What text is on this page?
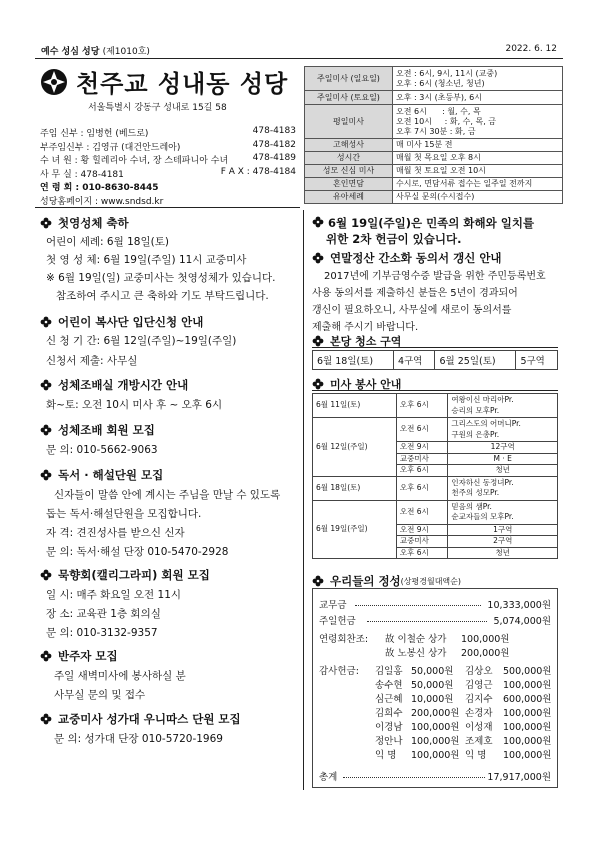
예수 성심 성당 (제1010호)	2022. 6. 12
천주교 성내동 성당
서울특별시 강동구 성내로 15길 58
주임 신부 : 임병헌 (베드로)	478-4183
부주임신부 : 김영규 (대건안드레아)	478-4182
수 녀 원 : 황 힐레리아 수녀, 장 스테파니아 수녀	478-4189
사 무 실 : 478-4181	F A X : 478-4184
연 령 회 : 010-8630-8445
성당홈페이지 : www.sndsd.kr
주일미사 (일요일)	오전 : 6시, 9시, 11시 (교중)
오후 : 6시 (청소년, 청년)
주일미사 (토요일)	오후 : 3시 (초등부), 6시
평일미사	오전 6시      : 월, 수, 목
오전 10시     : 화, 수, 목, 금
오후 7시 30분 : 화, 금
고해성사	매 미사 15분 전
성시간	매월 첫 목요일 오후 8시
성모 신심 미사	매월 첫 토요일 오전 10시
혼인면담	수시로, 면담서류 접수는 일주일 전까지
유아세례	사무실 문의(수시접수)
첫영성체 축하
어린이 세례: 6월 18일(토)
첫 영 성 체: 6월 19일(주일) 11시 교중미사
※ 6월 19일(일) 교중미사는 첫영성체가 있습니다.
참조하여 주시고 큰 축하와 기도 부탁드립니다.
어린이 복사단 입단신청 안내
신 청 기 간: 6월 12일(주일)~19일(주일)
신청서 제출: 사무실
성체조배실 개방시간 안내
화~토: 오전 10시 미사 후 ~ 오후 6시
성체조배 회원 모집
문 의: 010-5662-9063
독서 · 해설단원 모집
신자들이 말씀 안에 계시는 주님을 만날 수 있도록
돕는 독서·해설단원을 모집합니다.
자 격: 견진성사를 받으신 신자
문 의: 독서·해설 단장 010-5470-2928
묵향회(캘리그라피) 회원 모집
일 시: 매주 화요일 오전 11시
장 소: 교육관 1층 회의실
문 의: 010-3132-9357
반주자 모집
주일 새벽미사에 봉사하실 분
사무실 문의 및 접수
교중미사 성가대 우니따스 단원 모집
문 의: 성가대 단장 010-5720-1969
6월 19일(주일)은 민족의 화해와 일치를
위한 2차 헌금이 있습니다.
연말정산 간소화 동의서 갱신 안내
2017년에 기부금영수증 발급을 위한 주민등록번호
사용 동의서를 제출하신 분들은 5년이 경과되어
갱신이 필요하오니, 사무실에 새로이 동의서를
제출해 주시기 바랍니다.
본당 청소 구역
6월 18일(토)	4구역	6월 25일(토)	5구역
미사 봉사 안내
6월 11일(토)	오후 6시	여왕이신 마리아Pr.
승리의 모후Pr.
6월 12일(주일)	오전 6시	그리스도의 어머니Pr.
구원의 은총Pr.
	오전 9시	12구역
	교중미사	M · E
	오후 6시	청년
6월 18일(토)	오후 6시	인자하신 동정녀Pr.
천주의 성모Pr.
6월 19일(주일)	오전 6시	믿음의 샘Pr.
순교자들의 모후Pr.
	오전 9시	1구역
	교중미사	2구역
	오후 6시	청년
우리들의 정성 (상평경월대액순)
교무금	10,333,000원
주일헌금	5,074,000원
연령회찬조: 故 이철순 상가 100,000원
故 노봉신 상가 200,000원
감사헌금: 김일홍 50,000원 김상오 500,000원
송수현 50,000원 김영근 100,000원
심근혜 10,000원 김지수 600,000원
김희수 200,000원 손경자 100,000원
이경남 100,000원 이성재 100,000원
정안나 100,000원 조제호 100,000원
익 명 100,000원 익 명 100,000원
총계	17,917,000원
